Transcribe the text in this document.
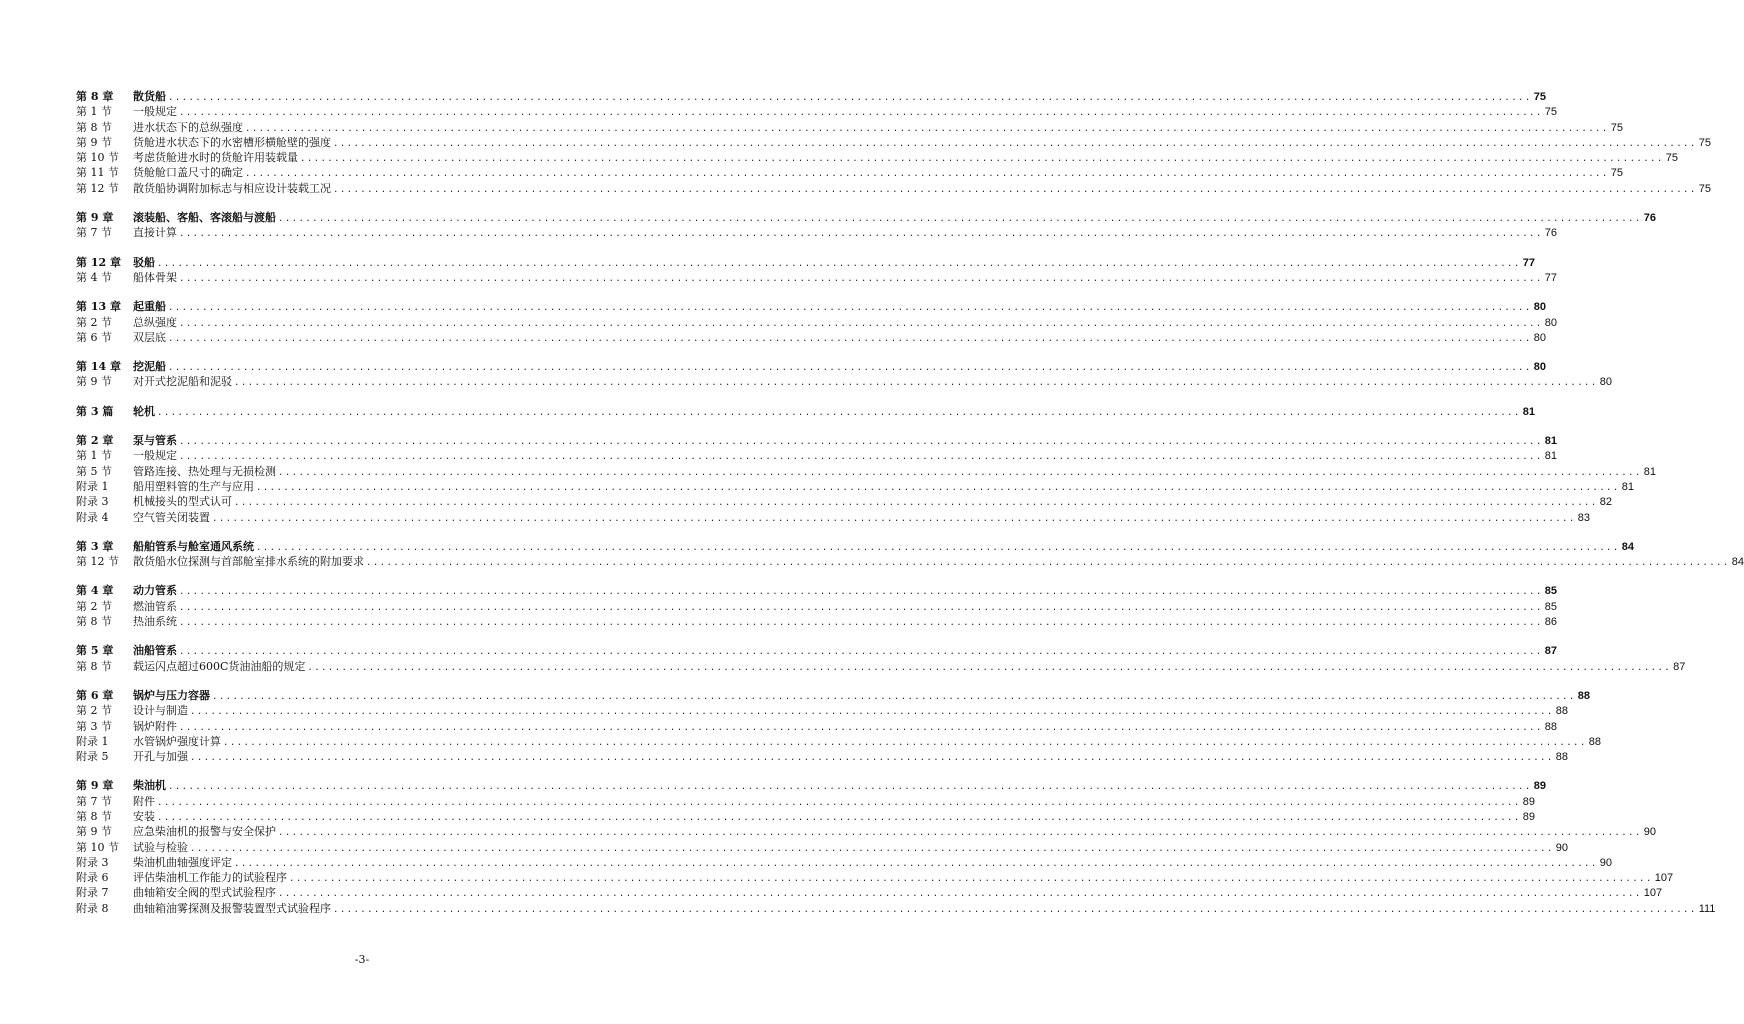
第 8 章	散货船 ........................................................................................................................................................................................................ 75
第 1 节	一般规定 ........................................................................................................................................................................................................ 75
第 8 节	进水状态下的总纵强度 ........................................................................................................................................................................................................ 75
第 9 节	货舱进水状态下的水密槽形横舱壁的强度 ........................................................................................................................................................................................................ 75
第 10 节	考虑货舱进水时的货舱许用装载量 ........................................................................................................................................................................................................ 75
第 11 节	货舱舱口盖尺寸的确定 ........................................................................................................................................................................................................ 75
第 12 节	散货船协调附加标志与相应设计装载工况 ........................................................................................................................................................................................................ 75
第 9 章	滚装船、客船、客滚船与渡船 ........................................................................................................................................................................................................ 76
第 7 节	直接计算 ........................................................................................................................................................................................................ 76
第 12 章	驳船 ........................................................................................................................................................................................................ 77
第 4 节	船体骨架 ........................................................................................................................................................................................................ 77
第 13 章	起重船 ........................................................................................................................................................................................................ 80
第 2 节	总纵强度 ........................................................................................................................................................................................................ 80
第 6 节	双层底 ........................................................................................................................................................................................................ 80
第 14 章	挖泥船 ........................................................................................................................................................................................................ 80
第 9 节	对开式挖泥船和泥驳 ........................................................................................................................................................................................................ 80
第 3 篇	轮机 ........................................................................................................................................................................................................ 81
第 2 章	泵与管系 ........................................................................................................................................................................................................ 81
第 1 节	一般规定 ........................................................................................................................................................................................................ 81
第 5 节	管路连接、热处理与无损检测 ........................................................................................................................................................................................................ 81
附录 1	船用塑料管的生产与应用 ........................................................................................................................................................................................................ 81
附录 3	机械接头的型式认可 ........................................................................................................................................................................................................ 82
附录 4	空气管关闭装置 ........................................................................................................................................................................................................ 83
第 3 章	船舶管系与舱室通风系统 ........................................................................................................................................................................................................ 84
第 12 节	散货船水位探测与首部舱室排水系统的附加要求 ........................................................................................................................................................................................................ 84
第 4 章	动力管系 ........................................................................................................................................................................................................ 85
第 2 节	燃油管系 ........................................................................................................................................................................................................ 85
第 8 节	热油系统 ........................................................................................................................................................................................................ 86
第 5 章	油船管系 ........................................................................................................................................................................................................ 87
第 8 节	载运闪点超过600C货油油船的规定 ........................................................................................................................................................................................................ 87
第 6 章	锅炉与压力容器 ........................................................................................................................................................................................................ 88
第 2 节	设计与制造 ........................................................................................................................................................................................................ 88
第 3 节	锅炉附件 ........................................................................................................................................................................................................ 88
附录 1	水管锅炉强度计算 ........................................................................................................................................................................................................ 88
附录 5	开孔与加强 ........................................................................................................................................................................................................ 88
第 9 章	柴油机 ........................................................................................................................................................................................................ 89
第 7 节	附件 ........................................................................................................................................................................................................ 89
第 8 节	安装 ........................................................................................................................................................................................................ 89
第 9 节	应急柴油机的报警与安全保护 ........................................................................................................................................................................................................ 90
第 10 节	试验与检验 ........................................................................................................................................................................................................ 90
附录 3	柴油机曲轴强度评定 ........................................................................................................................................................................................................ 90
附录 6	评估柴油机工作能力的试验程序 ........................................................................................................................................................................................................ 107
附录 7	曲轴箱安全阀的型式试验程序 ........................................................................................................................................................................................................ 107
附录 8	曲轴箱油雾探测及报警装置型式试验程序 ........................................................................................................................................................................................................ 111
-3-
